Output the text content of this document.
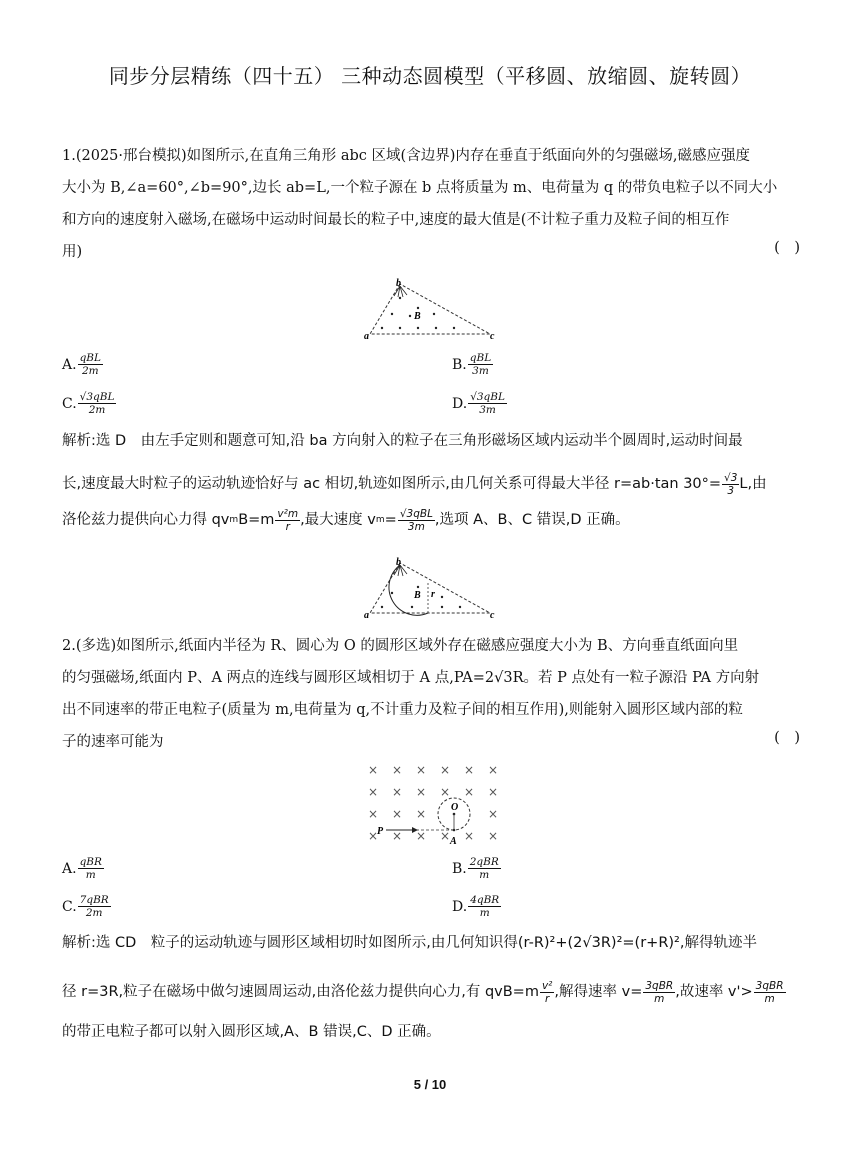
同步分层精练（四十五） 三种动态圆模型（平移圆、放缩圆、旋转圆）
1.(2025·邢台模拟)如图所示,在直角三角形 abc 区域(含边界)内存在垂直于纸面向外的匀强磁场,磁感应强度
大小为 B,∠a=60°,∠b=90°,边长 ab=L,一个粒子源在 b 点将质量为 m、电荷量为 q 的带负电粒子以不同大小
和方向的速度射入磁场,在磁场中运动时间最长的粒子中,速度的最大值是(不计粒子重力及粒子间的相互作
用)	(　)
b
a	c
B
A. $\frac{\text{qBL}}{2m}$	B. $\frac{\text{qBL}}{3m}$
C. $\frac{\text{√3qBL}}{2m}$	D. $\frac{\text{√3qBL}}{3m}$
解析:选 D　由左手定则和题意可知,沿 ba 方向射入的粒子在三角形磁场区域内运动半个圆周时,运动时间最
长,速度最大时粒子的运动轨迹恰好与 ac 相切,轨迹如图所示,由几何关系可得最大半径 r=ab·tan $30^\circ= \frac{√3}{3} L$,由
洛伦兹力提供向心力得 qv m $B=m \frac{\text{v²m}}{r}$ ,最大速度 v $m = \frac{\text{√3qBL}}{3m}$ ,选项 A、B、C 错误,D 正确。
b
a	c
B r
2.(多选)如图所示,纸面内半径为 R、圆心为 O 的圆形区域外存在磁感应强度大小为 B、方向垂直纸面向里
的匀强磁场,纸面内 P、A 两点的连线与圆形区域相切于 A 点,PA=2√3R。若 P 点处有一粒子源沿 PA 方向射
出不同速率的带正电粒子(质量为 m,电荷量为 q,不计重力及粒子间的相互作用),则能射入圆形区域内部的粒
子的速率可能为	(　)
× × × × × ×
× × × × × ×
× × ×	×
× × × × × ×
O
P
A
A. $\frac{\text{qBR}}{m}$	B. $\frac{\text{2qBR}}{m}$
C. $\frac{\text{7qBR}}{2m}$	D. $\frac{\text{4qBR}}{m}$
解析:选 CD　粒子的运动轨迹与圆形区域相切时如图所示,由几何知识得(r-R)²+(2√3R)²=(r+R)²,解得轨迹半
径 r=3R,粒子在磁场中做匀速圆周运动,由洛伦兹力提供向心力,有 $qvB=m \frac{\text{v²}}{r}$ ,解得速率 $v= \frac{\text{3qBR}}{m}$ ,故速率 $v'> \frac{\text{3qBR}}{m}$
的带正电粒子都可以射入圆形区域,A、B 错误,C、D 正确。
5 / 10
